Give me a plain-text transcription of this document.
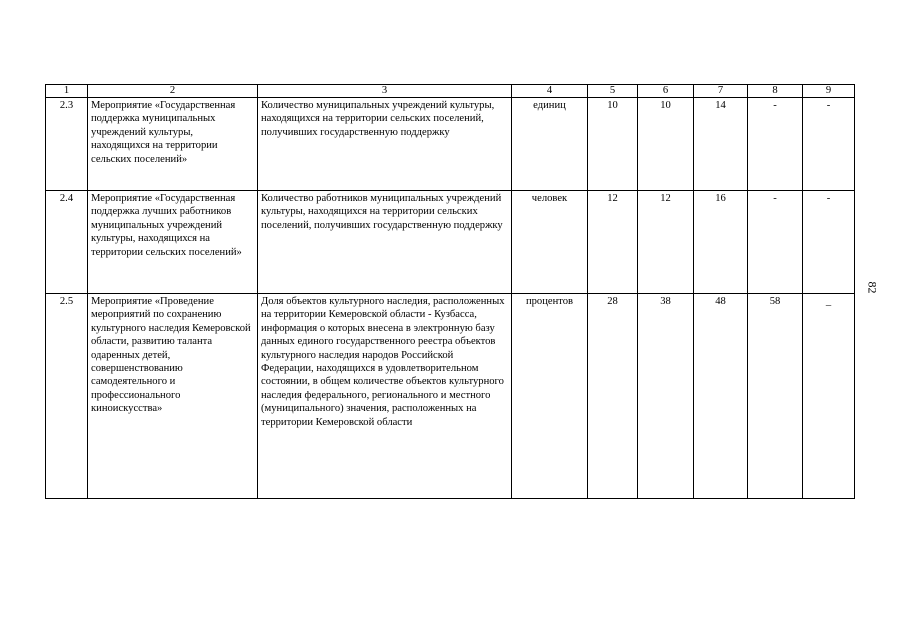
1	2	3	4	5	6	7	8	9
2.3	Мероприятие «Государственная поддержка муниципальных учреждений культуры, находящихся на территории сельских поселений»	Количество муниципальных учреждений культуры, находящихся на территории сельских поселений, получивших государственную поддержку	единиц	10	10	14	-	-
2.4	Мероприятие «Государственная поддержка лучших работников муниципальных учреждений культуры, находящихся на территории сельских поселений»	Количество работников муниципальных учреждений культуры, находящихся на территории сельских поселений, получивших государственную поддержку	человек	12	12	16	-	-
2.5	Мероприятие «Проведение мероприятий по сохранению культурного наследия Кемеровской области, развитию таланта одаренных детей, совершенствованию самодеятельного и профессионального киноискусства»	Доля объектов культурного наследия, расположенных на территории Кемеровской области - Кузбасса, информация о которых внесена в электронную базу данных единого государственного реестра объектов культурного наследия народов Российской Федерации, находящихся в удовлетворительном состоянии, в общем количестве объектов культурного наследия федерального, регионального и местного (муниципального) значения, расположенных на территории Кемеровской области	процентов	28	38	48	58	_
82
